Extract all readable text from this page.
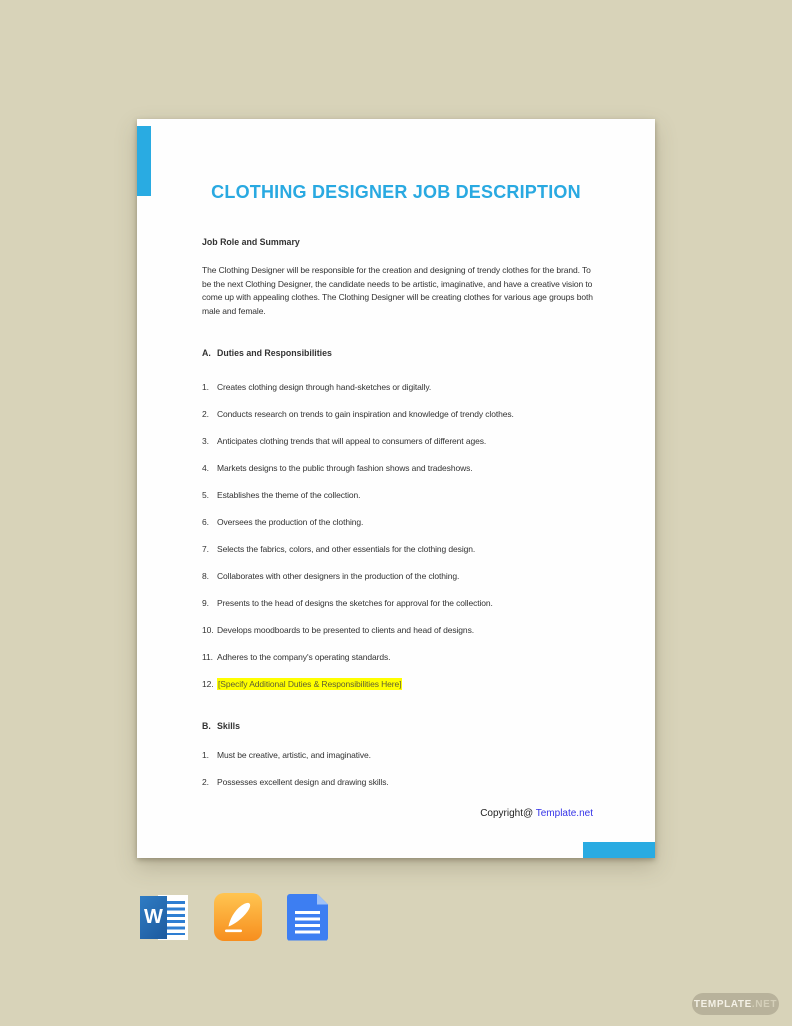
CLOTHING DESIGNER JOB DESCRIPTION
Job Role and Summary

The Clothing Designer will be responsible for the creation and designing of trendy clothes for the brand. To be the next Clothing Designer, the candidate needs to be artistic, imaginative, and have a creative vision to come up with appealing clothes. The Clothing Designer will be creating clothes for various age groups both male and female.

A. Duties and Responsibilities
1. Creates clothing design through hand-sketches or digitally.
2. Conducts research on trends to gain inspiration and knowledge of trendy clothes.
3. Anticipates clothing trends that will appeal to consumers of different ages.
4. Markets designs to the public through fashion shows and tradeshows.
5. Establishes the theme of the collection.
6. Oversees the production of the clothing.
7. Selects the fabrics, colors, and other essentials for the clothing design.
8. Collaborates with other designers in the production of the clothing.
9. Presents to the head of designs the sketches for approval for the collection.
10. Develops moodboards to be presented to clients and head of designs.
11. Adheres to the company's operating standards.
12. [Specify Additional Duties & Responsibilities Here]
B. Skills
1. Must be creative, artistic, and imaginative.
2. Possesses excellent design and drawing skills.

Copyright@ Template.net

W
TEMPLATE .NET
